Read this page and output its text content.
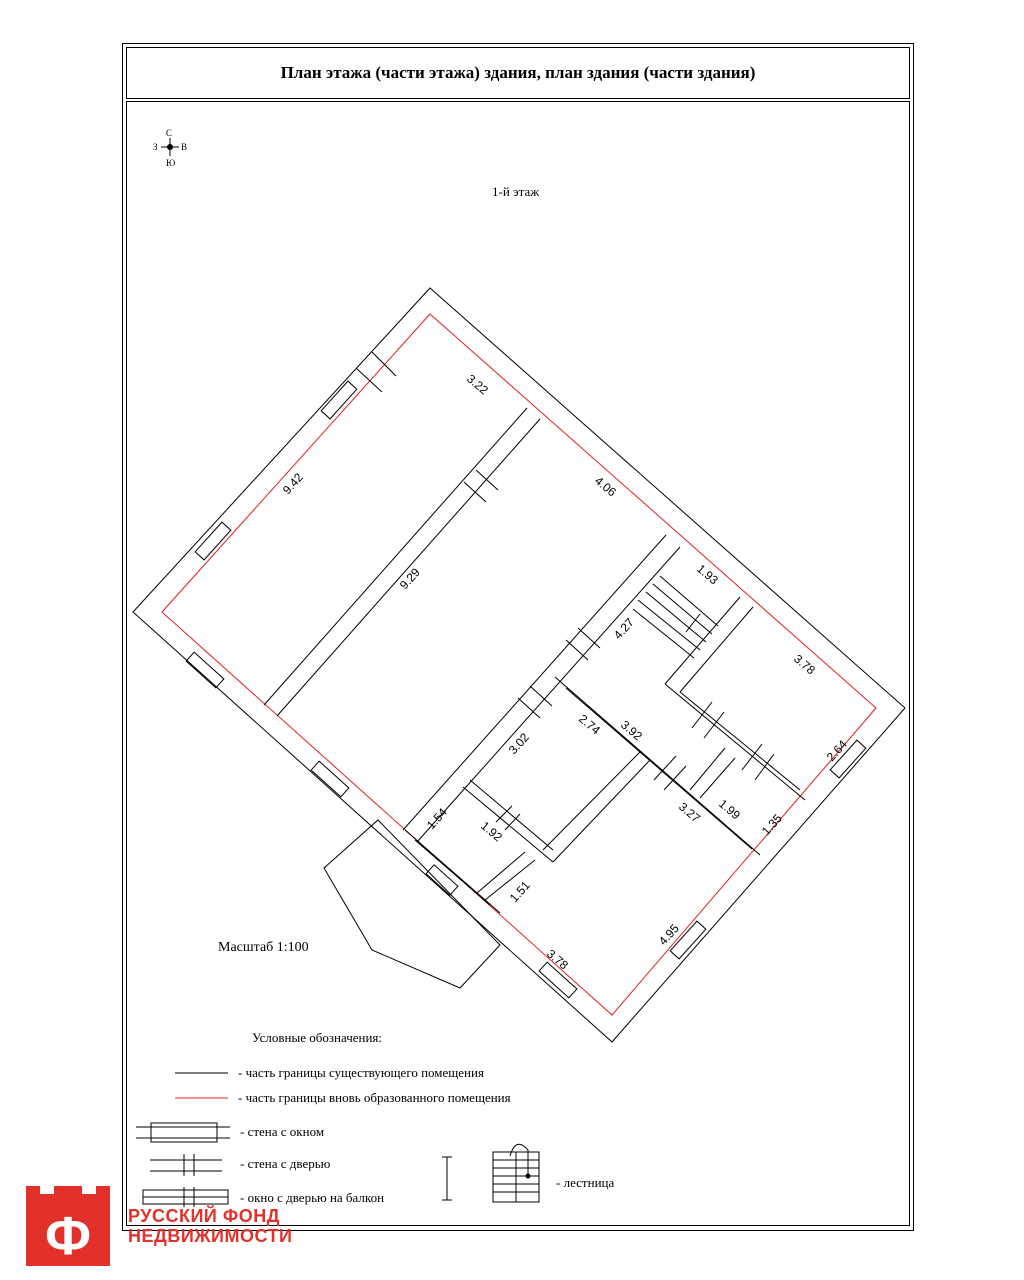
План этажа (части этажа) здания, план здания (части здания)
1-й этаж
Масштаб 1:100
С
Ю
З	В
3.22
9.42
9.29
4.06
1.93
4.27
3.78
3.02
2.74 3.92
2.64
1.54 1.92
3.27 1.99
1.35
1.51
4.95
3.78
Условные обозначения:
- часть границы существующего помещения
- часть границы вновь образованного помещения
- стена с окном
- стена с дверью
- окно с дверью на балкон
- лестница
Ф РУССКИЙ ФОНД
НЕДВИЖИМОСТИ
